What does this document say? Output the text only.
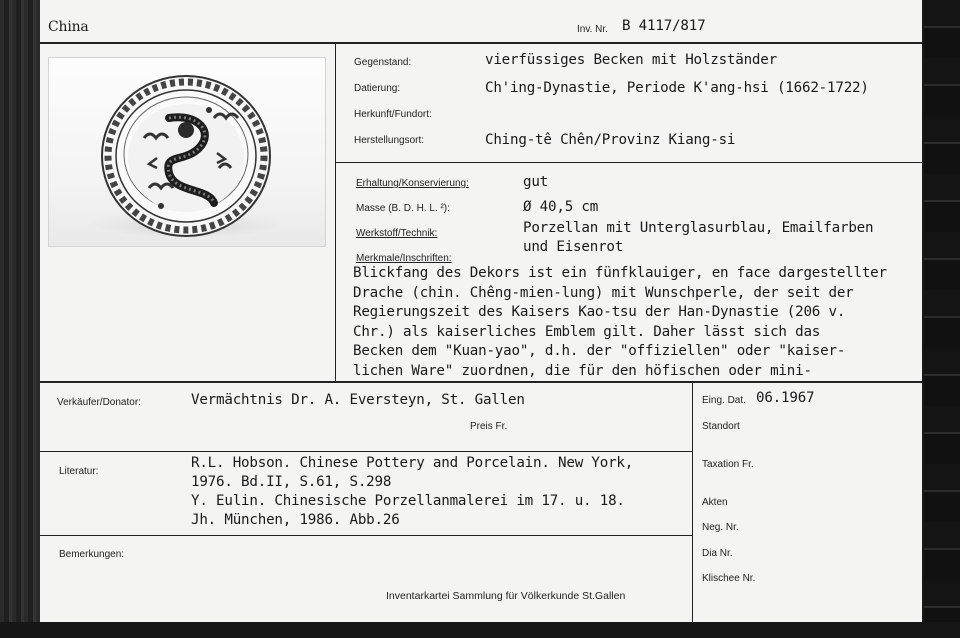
China	Inv. Nr. B 4117/817
Gegenstand:	vierfüssiges Becken mit Holzständer
Datierung:	Ch'ing-Dynastie, Periode K'ang-hsi (1662-1722)
Herkunft/Fundort:
Herstellungsort:	Ching-tê Chên/Provinz Kiang-si
Erhaltung/Konservierung:	gut
Masse (B. D. H. L. ²):	Ø 40,5 cm
Werkstoff/Technik:	Porzellan mit Unterglasurblau, Emailfarben
und Eisenrot
Merkmale/Inschriften:
Blickfang des Dekors ist ein fünfklauiger, en face dargestellter
Drache (chin. Chêng-mien-lung) mit Wunschperle, der seit der
Regierungszeit des Kaisers Kao-tsu der Han-Dynastie (206 v.
Chr.) als kaiserliches Emblem gilt. Daher lässt sich das
Becken dem "Kuan-yao", d.h. der "offiziellen" oder "kaiser-
lichen Ware" zuordnen, die für den höfischen oder mini-
Verkäufer/Donator:	Vermächtnis Dr. A. Eversteyn, St. Gallen
Preis Fr.
Eing. Dat. 06.1967
Standort
Taxation Fr.
Akten
Neg. Nr.
Dia Nr.
Klischee Nr.
Literatur:
R.L. Hobson. Chinese Pottery and Porcelain. New York,
1976. Bd.II, S.61, S.298
Y. Eulin. Chinesische Porzellanmalerei im 17. u. 18.
Jh. München, 1986. Abb.26
Bemerkungen:
Inventarkartei Sammlung für Völkerkunde St.Gallen
